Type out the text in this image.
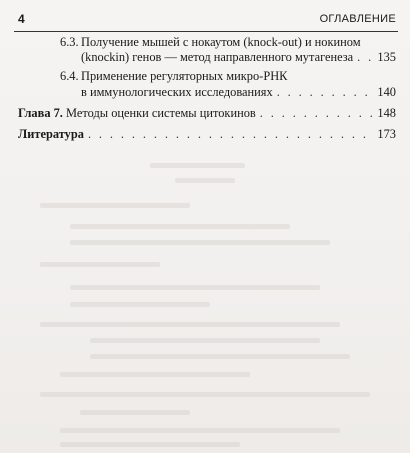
4	ОГЛАВЛЕНИЕ
6.3. Получение мышей с нокаутом (knock-out) и нокином
(knockin) генов — метод направленного мутагенеза . . . 135
6.4. Применение регуляторных микро-РНК
в иммунологических исследованиях . . .	140
Глава 7. Методы оценки системы цитокинов . . .	148
Литература . . .	173
